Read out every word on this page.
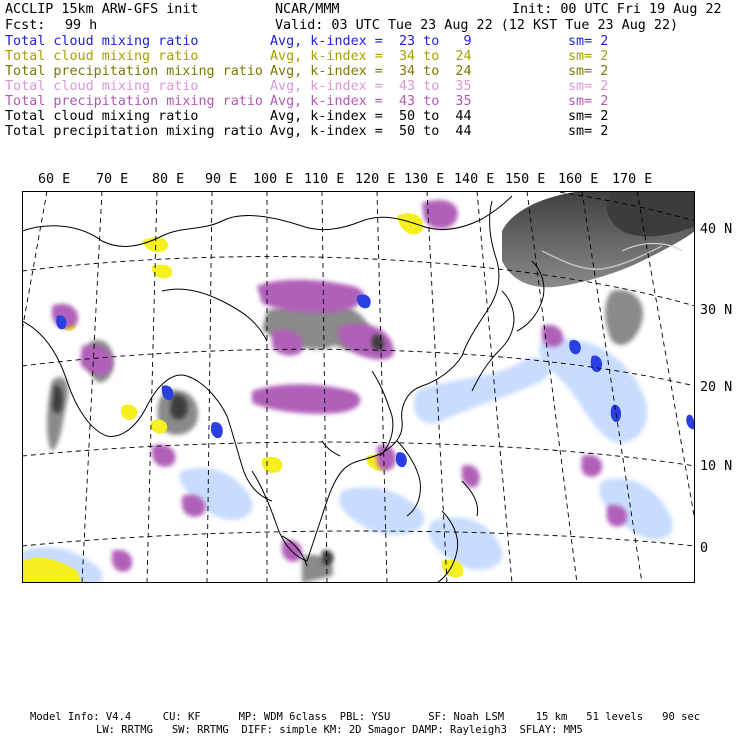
ACCLIP 15km ARW-GFS init	NCAR/MMM	Init: 00 UTC Fri 19 Aug 22
Fcst: 99 h	Valid: 03 UTC Tue 23 Aug 22 (12 KST Tue 23 Aug 22)
Total cloud mixing ratio	Avg, k-index =  23 to   9	sm= 2
Total cloud mixing ratio	Avg, k-index =  34 to  24	sm= 2
Total precipitation mixing ratio Avg, k-index =  34 to  24	sm= 2
Total cloud mixing ratio	Avg, k-index =  43 to  35	sm= 2
Total precipitation mixing ratio Avg, k-index =  43 to  35	sm= 2
Total cloud mixing ratio	Avg, k-index =  50 to  44	sm= 2
Total precipitation mixing ratio Avg, k-index =  50 to  44	sm= 2
60 E 70 E 80 E 90 E 100 E 110 E 120 E 130 E 140 E 150 E 160 E 170 E
40 N
30 N
20 N
10 N
0
Model Info: V4.4     CU: KF      MP: WDM 6class  PBL: YSU      SF: Noah LSM     15 km   51 levels   90 sec
LW: RRTMG   SW: RRTMG  DIFF: simple KM: 2D Smagor DAMP: Rayleigh3  SFLAY: MM5
